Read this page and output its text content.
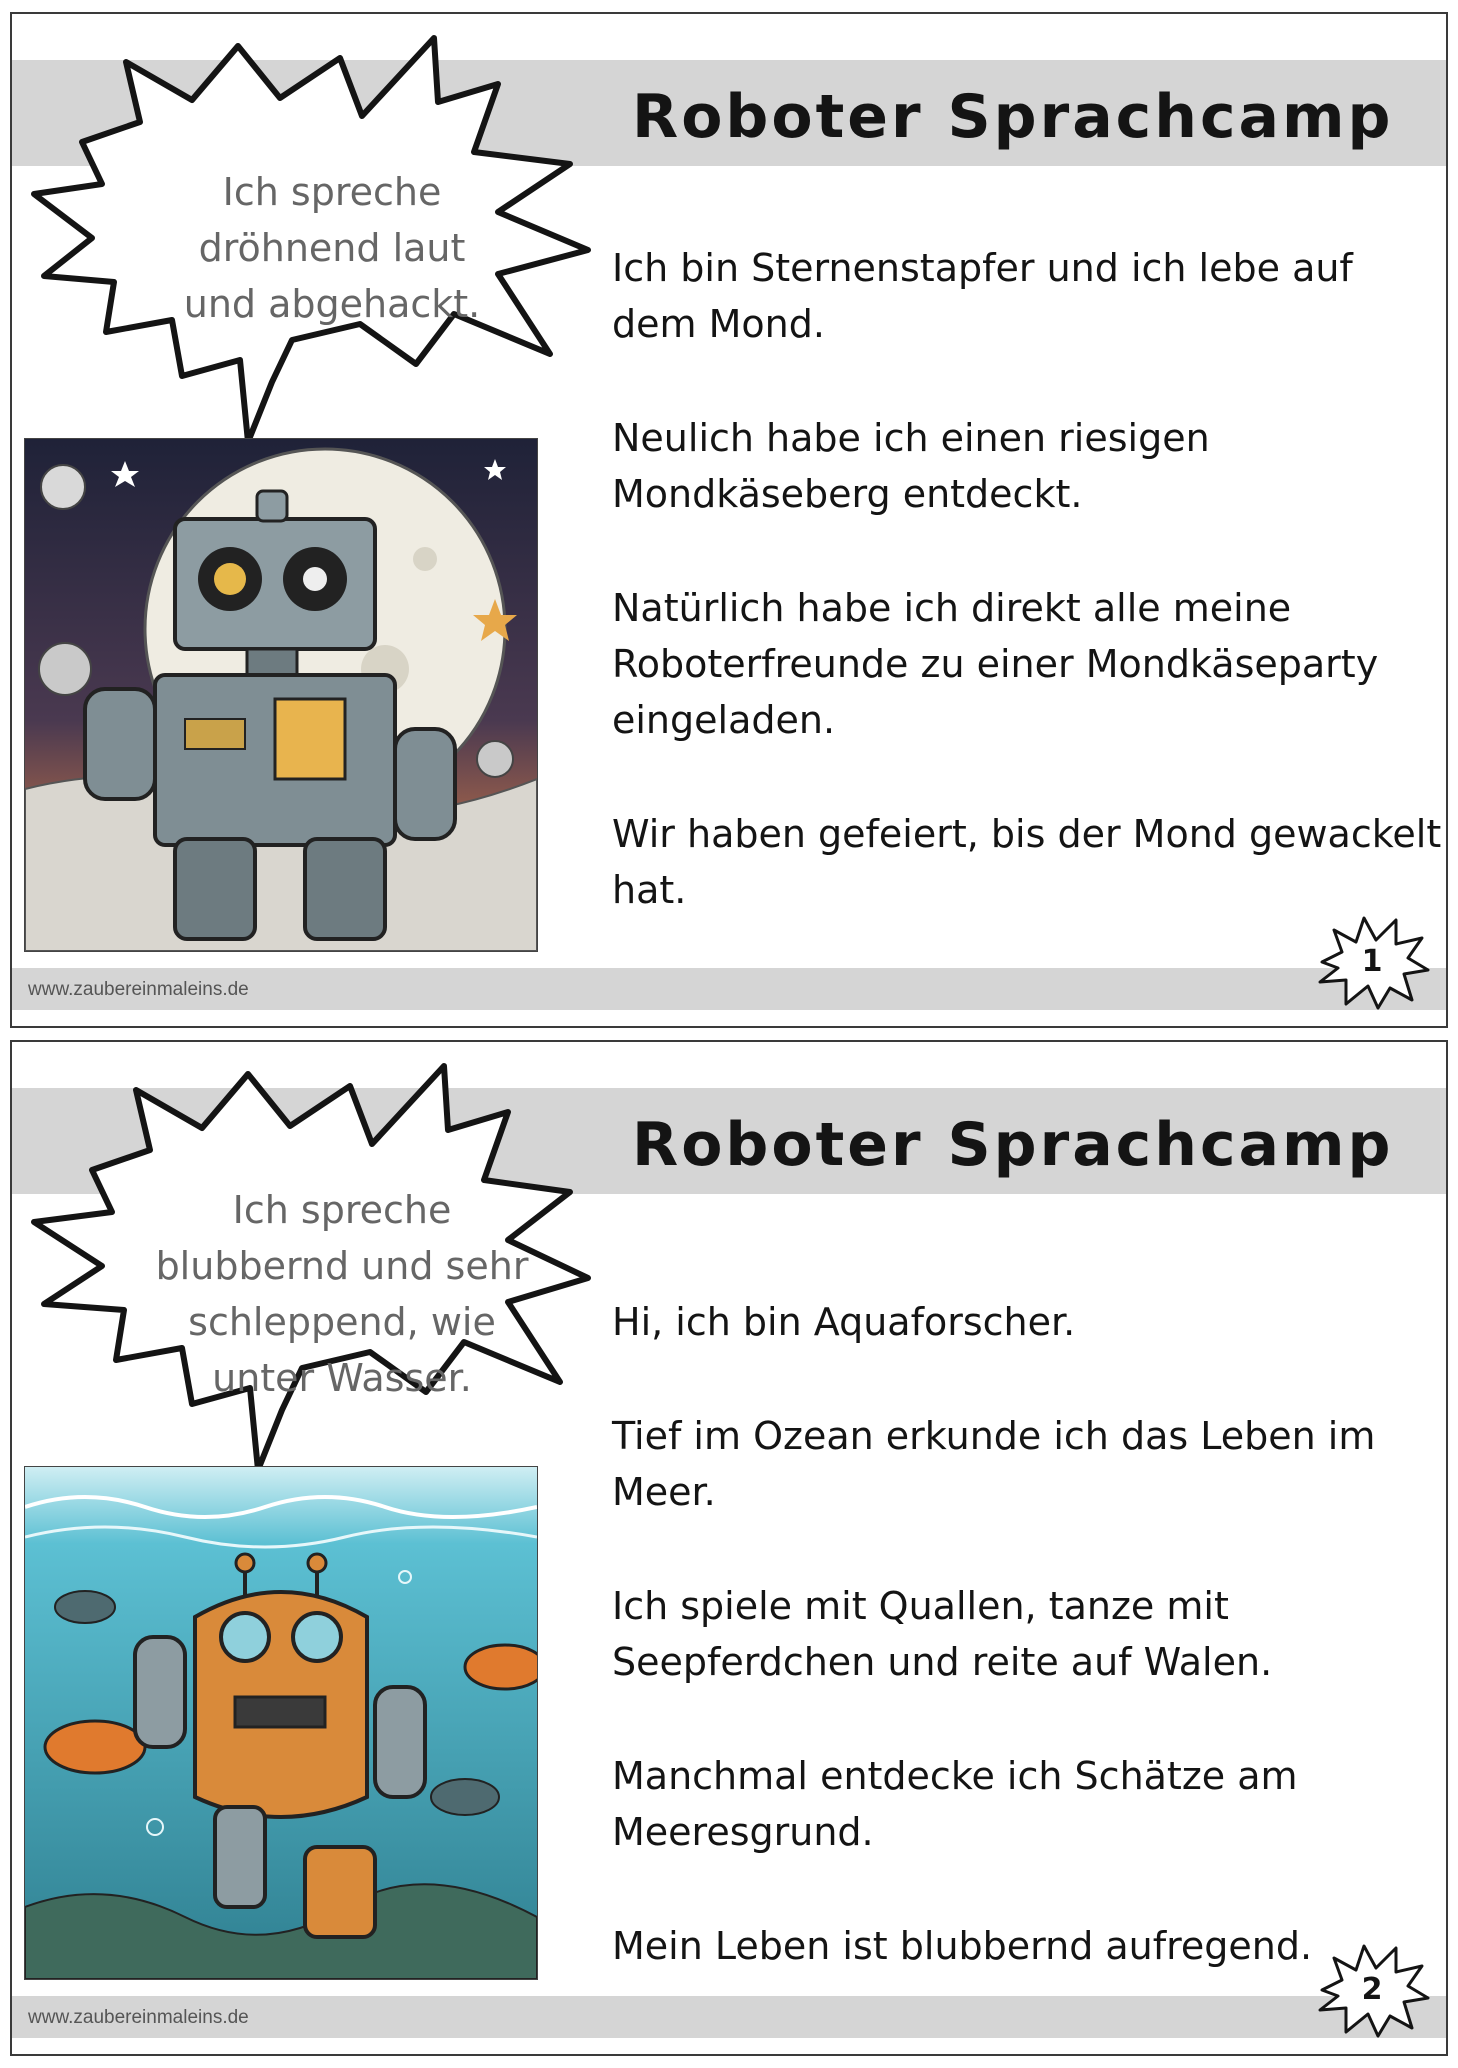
Roboter Sprachcamp
Ich spreche
dröhnend laut
und abgehackt.

Ich bin Sternenstapfer und ich lebe auf dem Mond.

Neulich habe ich einen riesigen Mondkäseberg entdeckt.

Natürlich habe ich direkt alle meine Roboterfreunde zu einer Mondkäseparty eingeladen.

Wir haben gefeiert, bis der Mond gewackelt hat.

www.zaubereinmaleins.de
1
Roboter Sprachcamp
Ich spreche
blubbernd und sehr
schleppend, wie
unter Wasser.

Hi, ich bin Aquaforscher.

Tief im Ozean erkunde ich das Leben im Meer.

Ich spiele mit Quallen, tanze mit Seepferdchen und reite auf Walen.

Manchmal entdecke ich Schätze am Meeresgrund.

Mein Leben ist blubbernd aufregend.

www.zaubereinmaleins.de
2
